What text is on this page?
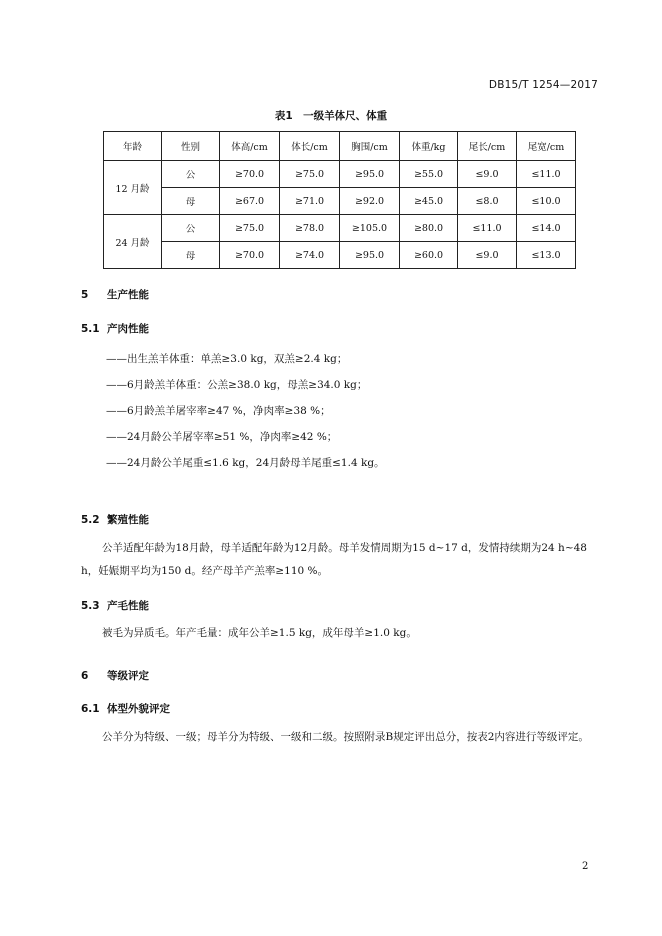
DB15/T 1254—2017
表1　一级羊体尺、体重
年龄	性别	体高/cm	体长/cm	胸围/cm	体重/kg	尾长/cm	尾宽/cm
12 月龄	公	≥70.0	≥75.0	≥95.0	≥55.0	≤9.0	≤11.0
	母	≥67.0	≥71.0	≥92.0	≥45.0	≤8.0	≤10.0
24 月龄	公	≥75.0	≥78.0	≥105.0	≥80.0	≤11.0	≤14.0
	母	≥70.0	≥74.0	≥95.0	≥60.0	≤9.0	≤13.0
5 生产性能
5.1 产肉性能
——出生羔羊体重：单羔≥3.0 kg，双羔≥2.4 kg；
——6月龄羔羊体重：公羔≥38.0 kg，母羔≥34.0 kg；
——6月龄羔羊屠宰率≥47 %，净肉率≥38 %；
——24月龄公羊屠宰率≥51 %，净肉率≥42 %；
——24月龄公羊尾重≤1.6 kg，24月龄母羊尾重≤1.4 kg。
5.2 繁殖性能
公羊适配年龄为18月龄，母羊适配年龄为12月龄。母羊发情周期为15 d~17 d，发情持续期为24 h~48 h，妊娠期平均为150 d。经产母羊产羔率≥110 %。
5.3 产毛性能
被毛为异质毛。年产毛量：成年公羊≥1.5 kg，成年母羊≥1.0 kg。
6 等级评定
6.1 体型外貌评定
公羊分为特级、一级；母羊分为特级、一级和二级。按照附录B规定评出总分，按表2内容进行等级评定。
2
